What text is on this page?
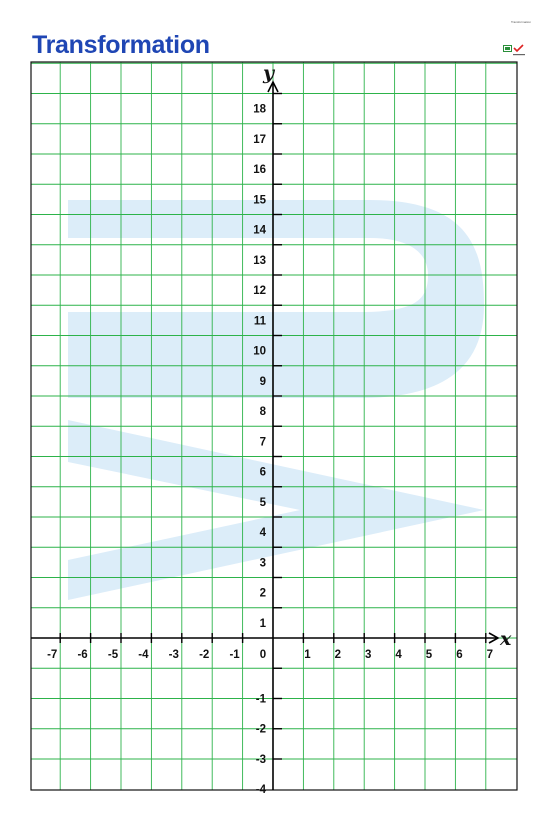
Transformation
Transformation
-7 -6 -5 -4 -3 -2 -1 0	1 2 3 4 5 6 7
-4
-3
-2
-1
1
2
3
4
5
6
7
8
9
10
11
12
13
14
15
16
17
18
x
y
